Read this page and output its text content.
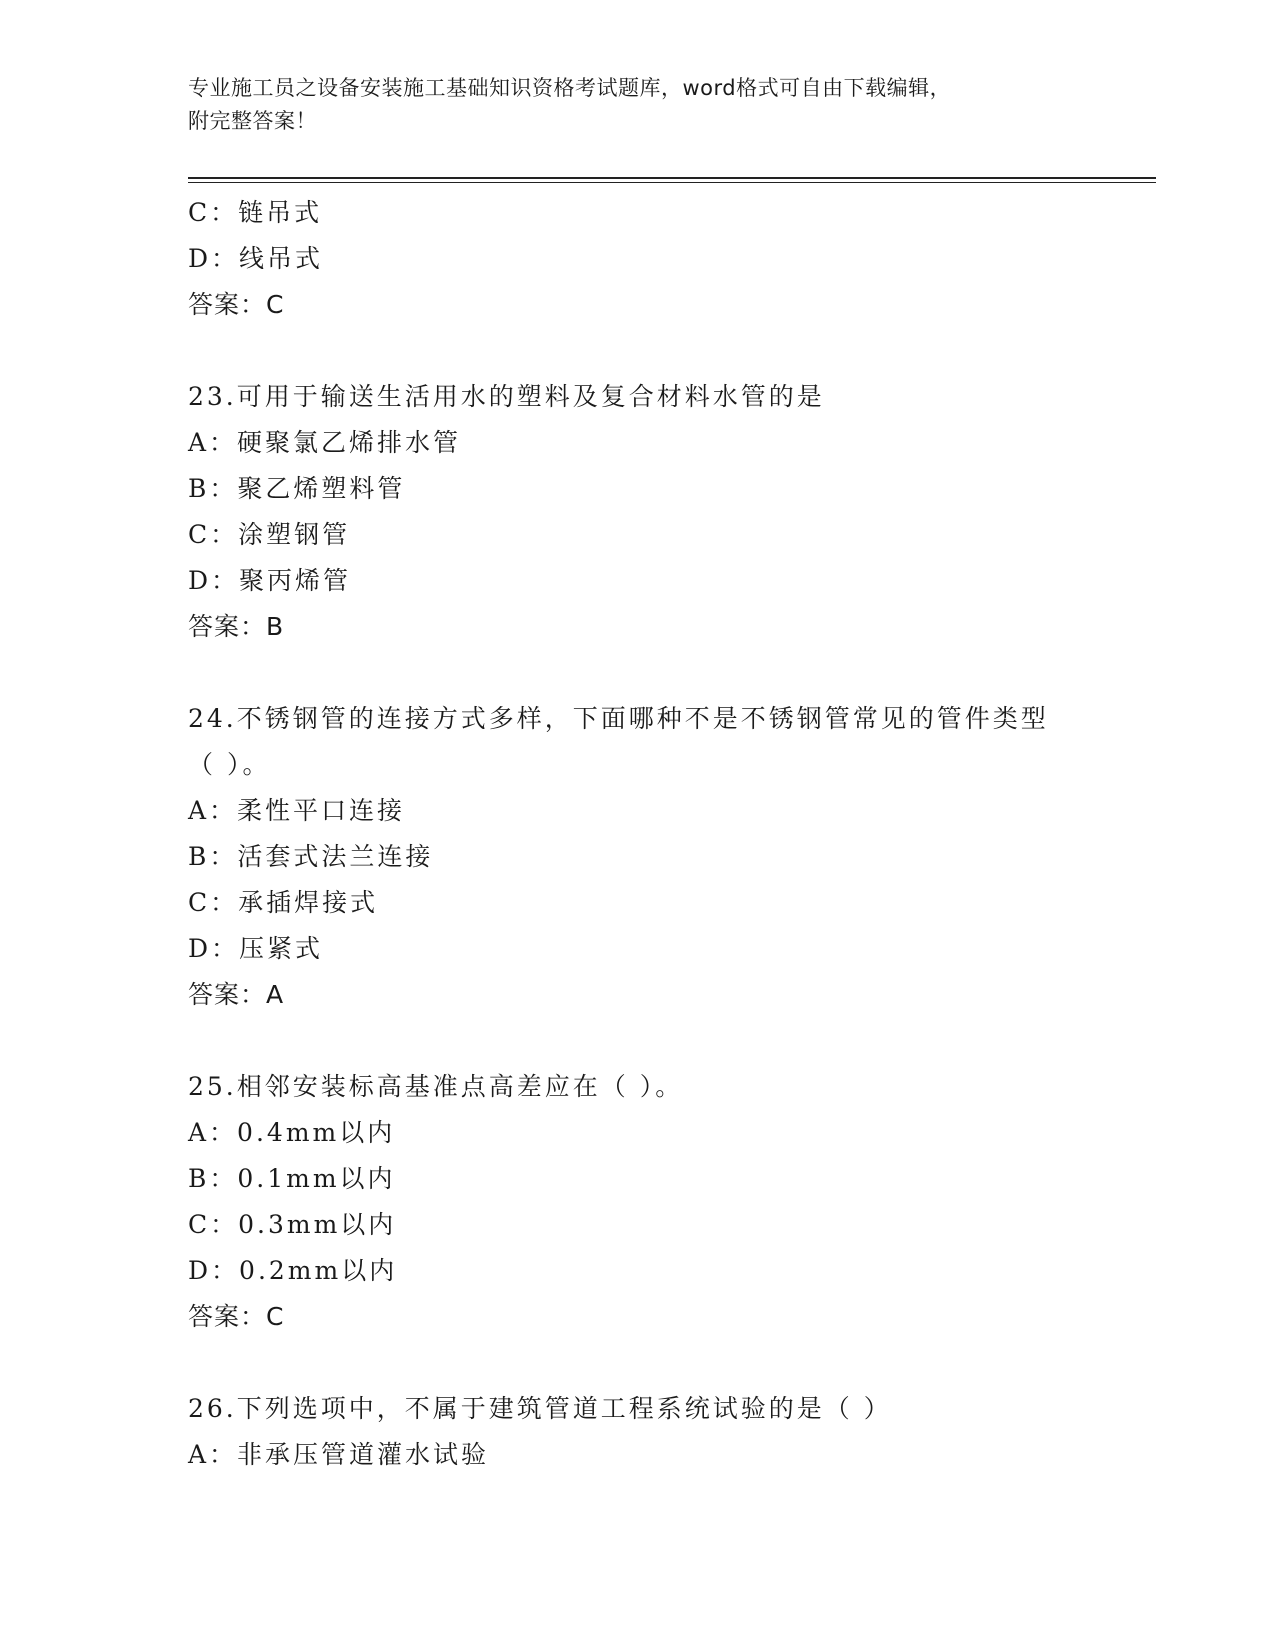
专业施工员之设备安装施工基础知识资格考试题库，word格式可自由下载编辑，
附完整答案！
C：链吊式
D：线吊式
答案：C
23.可用于输送生活用水的塑料及复合材料水管的是
A：硬聚氯乙烯排水管
B：聚乙烯塑料管
C：涂塑钢管
D：聚丙烯管
答案：B
24.不锈钢管的连接方式多样，下面哪种不是不锈钢管常见的管件类型
（ ）。
A：柔性平口连接
B：活套式法兰连接
C：承插焊接式
D：压紧式
答案：A
25.相邻安装标高基准点高差应在（ ）。
A：0.4mm以内
B：0.1mm以内
C：0.3mm以内
D：0.2mm以内
答案：C
26.下列选项中，不属于建筑管道工程系统试验的是（ ）
A：非承压管道灌水试验
